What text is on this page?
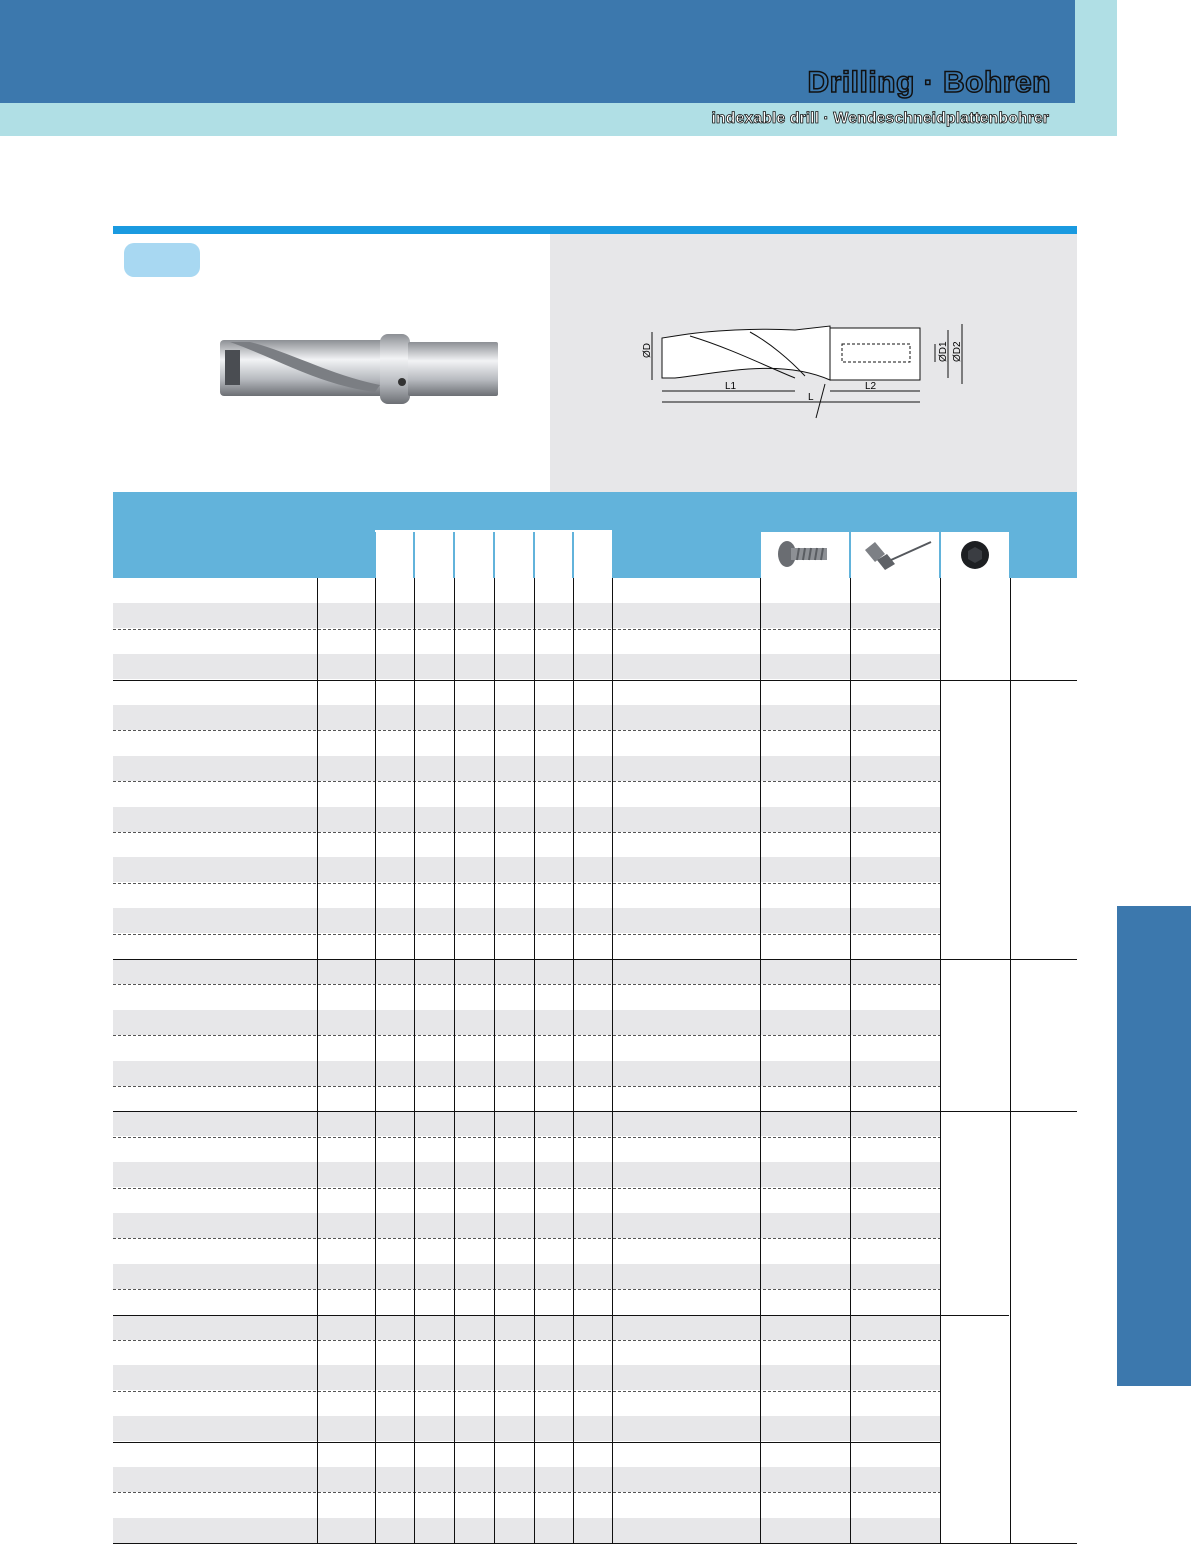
Drilling · Bohren
indexable drill · Wendeschneidplattenbohrer
ØD	ØD1 ØD2
L1	L2
L
